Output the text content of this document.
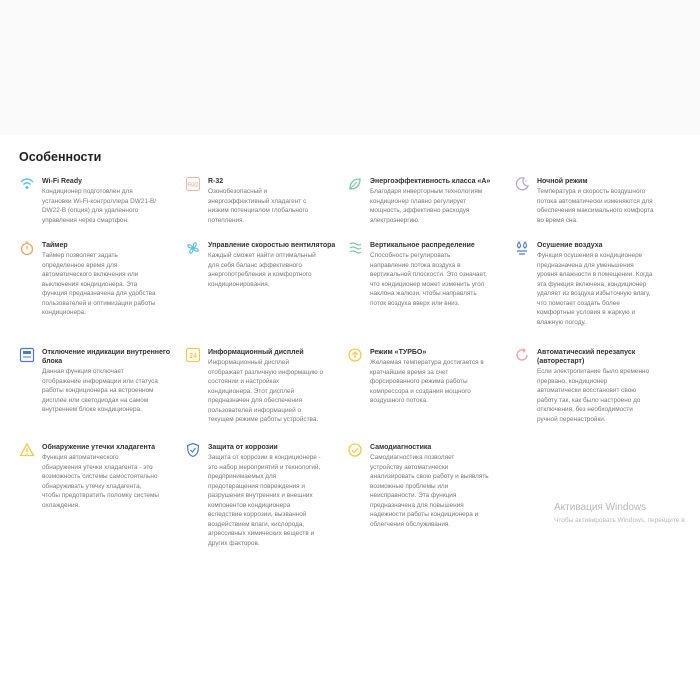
Особенности
Wi-Fi Ready
Кондиционер подготовлен для
установки Wi-Fi-контроллера DW21-B/
DW22-B (опция) для удаленного
управления через смартфон.
R32
R-32
Озонобезопасный и
энергоэффективный хладагент с
низким потенциалом глобального
потепления.
Энергоэффективность класса «А»
Благодаря инверторным технологиям
кондиционер плавно регулирует
мощность, эффективно расходуя
электроэнергию.
z Ночной режим
Температура и скорость воздушного
потока автоматически изменяются для
обеспечения максимального комфорта
во время сна.
Таймер
Таймер позволяет задать
определенное время для
автоматического включения или
выключения кондиционера. Эта
функция предназначена для удобства
пользователей и оптимизации работы
кондиционера.
Управление скоростью вентилятора
Каждый сможет найти оптимальный
для себя баланс эффективного
энергопотребления и комфортного
кондиционирования.
Вертикальное распределение
Способность регулировать
направление потока воздуха в
вертикальной плоскости. Это означает,
что кондиционер может изменить угол
наклона жалюзи, чтобы направлять
поток воздуха вверх или вниз.
Осушение воздуха
Функция осушения в кондиционере
предназначена для уменьшения
уровня влажности в помещении. Когда
эта функция включена, кондиционер
удаляет из воздуха избыточную влагу,
что помогает создать более
комфортные условия в жаркую и
влажную погоду.
Отключение индикации внутреннего
блока
Данная функция отключает
отображение информации или статуса
работы кондиционера на встроенном
дисплее или светодиодах на самом
внутреннем блоке кондиционера.
24
Информационный дисплей
Информационный дисплей
отображает различную информацию о
состоянии и настройках
кондиционера. Этот дисплей
предназначен для обеспечения
пользователей информацией о
текущем режиме работы устройства.
Режим «ТУРБО»
Желаемая температура достигается в
кратчайшие время за счет
форсированного режима работы
компрессора и создания мощного
воздушного потока.
Автоматический перезапуск
(авторестарт)
Если электропитание было временно
прервано, кондиционер
автоматически восстановит свою
работу так, как было настроено до
отключения, без необходимости
ручной перенастройки.
Обнаружение утечки хладагента
Функция автоматического
обнаружения утечки хладагента - это
возможность системы самостоятельно
обнаруживать утечку хладагента,
чтобы предотвратить поломку системы
охлаждения.
Защита от коррозии
Защита от коррозии в кондиционере -
это набор мероприятий и технологий,
предпринимаемых для
предотвращения повреждения и
разрушения внутренних и внешних
компонентов кондиционера
вследствие коррозии, вызванной
воздействием влаги, кислорода,
агрессивных химических веществ и
других факторов.
Самодиагностика
Самодиагностика позволяет
устройству автоматически
анализировать свою работу и выявлять
возможные проблемы или
неисправности. Эта функция
предназначена для повышения
надежности работы кондиционера и
облегчения обслуживания.
Активация Windows
Чтобы активировать Windows, перейдите в
